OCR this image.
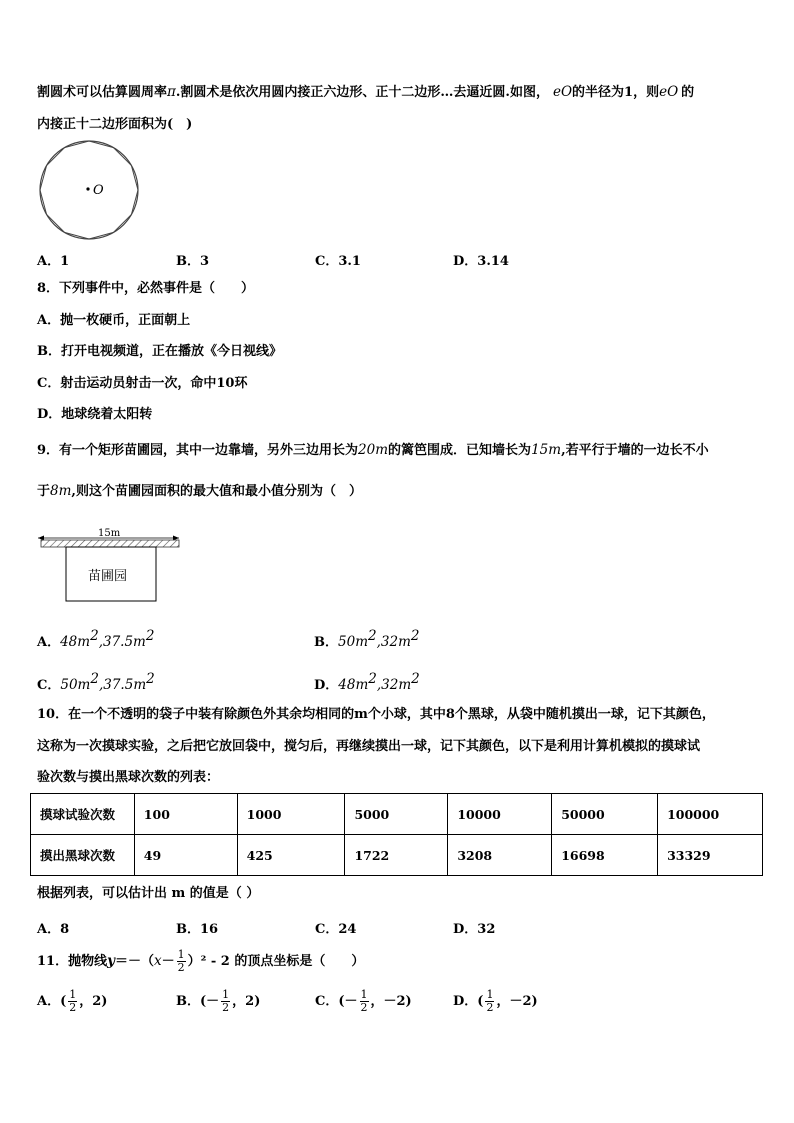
割圆术可以估算圆周率π.割圆术是依次用圆内接正六边形、正十二边形…去逼近圆.如图， eO的半径为1，则eO 的
内接正十二边形面积为(　)
O
A．1	B．3	C．3.1	D．3.14
8．下列事件中，必然事件是（　　）
A．抛一枚硬币，正面朝上
B．打开电视频道，正在播放《今日视线》
C．射击运动员射击一次，命中10环
D．地球绕着太阳转
9．有一个矩形苗圃园，其中一边靠墙，另外三边用长为20m的篱笆围成．已知墙长为15m,若平行于墙的一边长不小
于8m,则这个苗圃园面积的最大值和最小值分别为（　）
15m
苗圃园
A．$48m^2,37.5m^2$	B．$50m^2,32m^2$
C．$50m^2,37.5m^2$	D．$48m^2,32m^2$
10．在一个不透明的袋子中装有除颜色外其余均相同的m个小球，其中8个黑球，从袋中随机摸出一球，记下其颜色，
这称为一次摸球实验，之后把它放回袋中，搅匀后，再继续摸出一球，记下其颜色，以下是利用计算机模拟的摸球试
验次数与摸出黑球次数的列表：
摸球试验次数	100	1000	5000	10000	50000	100000
摸出黑球次数	49	425	1722	3208	16698	33329
根据列表，可以估计出 m 的值是（ ）
A．8	B．16	C．24	D．32
11．抛物线$y=-(x- \frac{1}{2} )^2 - 2$ 的顶点坐标是（　　）
A．( $\frac{1}{2}$ ，2)	B．(－ $\frac{1}{2}$ ，2)	C．(－ $\frac{1}{2}$ ，－2)	D．( $\frac{1}{2}$ ，－2)
